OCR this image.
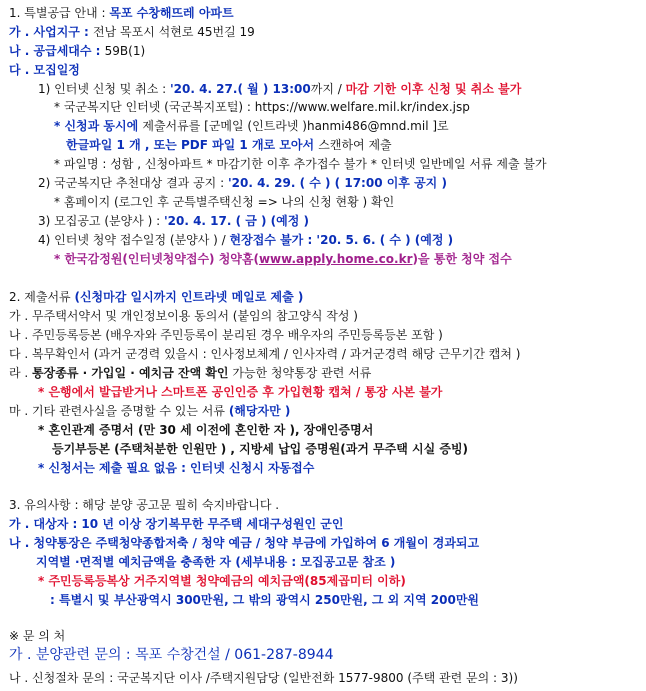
1. 특별공급 안내 : 목포 수창해뜨레 아파트
가 . 사업지구 : 전남 목포시 석현로 45번길 19
나 . 공급세대수 : 59B(1)
다 . 모집일정
1) 인터넷 신청 및 취소 : '20. 4. 27.( 월 ) 13:00까지 / 마감 기한 이후 신청 및 취소 불가
* 국군복지단 인터넷 (국군복지포털) : https://www.welfare.mil.kr/index.jsp
* 신청과 동시에 제출서류를 [군메일 (인트라넷 )hanmi486@mnd.mil ]로
한글파일 1 개 , 또는 PDF 파일 1 개로 모아서 스캔하여 제출
* 파일명 : 성함 , 신청아파트 * 마감기한 이후 추가접수 불가 * 인터넷 일반메일 서류 제출 불가
2) 국군복지단 추천대상 결과 공지 : '20. 4. 29. ( 수 ) ( 17:00 이후 공지 )
* 홈페이지 (로그인 후 군특별주택신청 => 나의 신청 현황 ) 확인
3) 모집공고 (분양사 ) : '20. 4. 17. ( 금 ) (예정 )
4) 인터넷 청약 접수일정 (분양사 ) / 현장접수 불가 : '20. 5. 6. ( 수 ) (예정 )
* 한국감정원(인터넷청약접수) 청약홈(www.apply.home.co.kr)을 통한 청약 접수
2. 제출서류 (신청마감 일시까지 인트라넷 메일로 제출 )
가 . 무주택서약서 및 개인정보이용 동의서 (붙임의 참고양식 작성 )
나 . 주민등록등본 (배우자와 주민등록이 분리된 경우 배우자의 주민등록등본 포함 )
다 . 복무확인서 (과거 군경력 있을시 : 인사정보체계 / 인사자력 / 과거군경력 해당 근무기간 캡쳐 )
라 . 통장종류 · 가입일 · 예치금 잔액 확인 가능한 청약통장 관련 서류
* 은행에서 발급받거나 스마트폰 공인인증 후 가입현황 캡쳐 / 통장 사본 불가
마 . 기타 관련사실을 증명할 수 있는 서류 (해당자만 )
* 혼인관계 증명서 (만 30 세 이전에 혼인한 자 ), 장애인증명서
등기부등본 (주택처분한 인원만 ) , 지방세 납입 증명원(과거 무주택 시실 증빙)
* 신청서는 제출 필요 없음 : 인터넷 신청시 자동접수
3. 유의사항 : 해당 분양 공고문 필히 숙지바랍니다 .
가 . 대상자 : 10 년 이상 장기복무한 무주택 세대구성원인 군인
나 . 청약통장은 주택청약종합저축 / 청약 예금 / 청약 부금에 가입하여 6 개월이 경과되고
지역별 ·면적별 예치금액을 충족한 자 (세부내용 : 모집공고문 참조 )
* 주민등록등복상 거주지역별 청약예금의 예치금액(85제곱미터 이하)
: 특별시 및 부산광역시 300만원, 그 밖의 광역시 250만원, 그 외 지역 200만원
※ 문 의 처
가 . 분양관련 문의 : 목포 수창건설 / 061-287-8944
나 . 신청절차 문의 : 국군복지단 이사 /주택지원담당 (일반전화 1577-9800 (주택 관련 문의 : 3))
